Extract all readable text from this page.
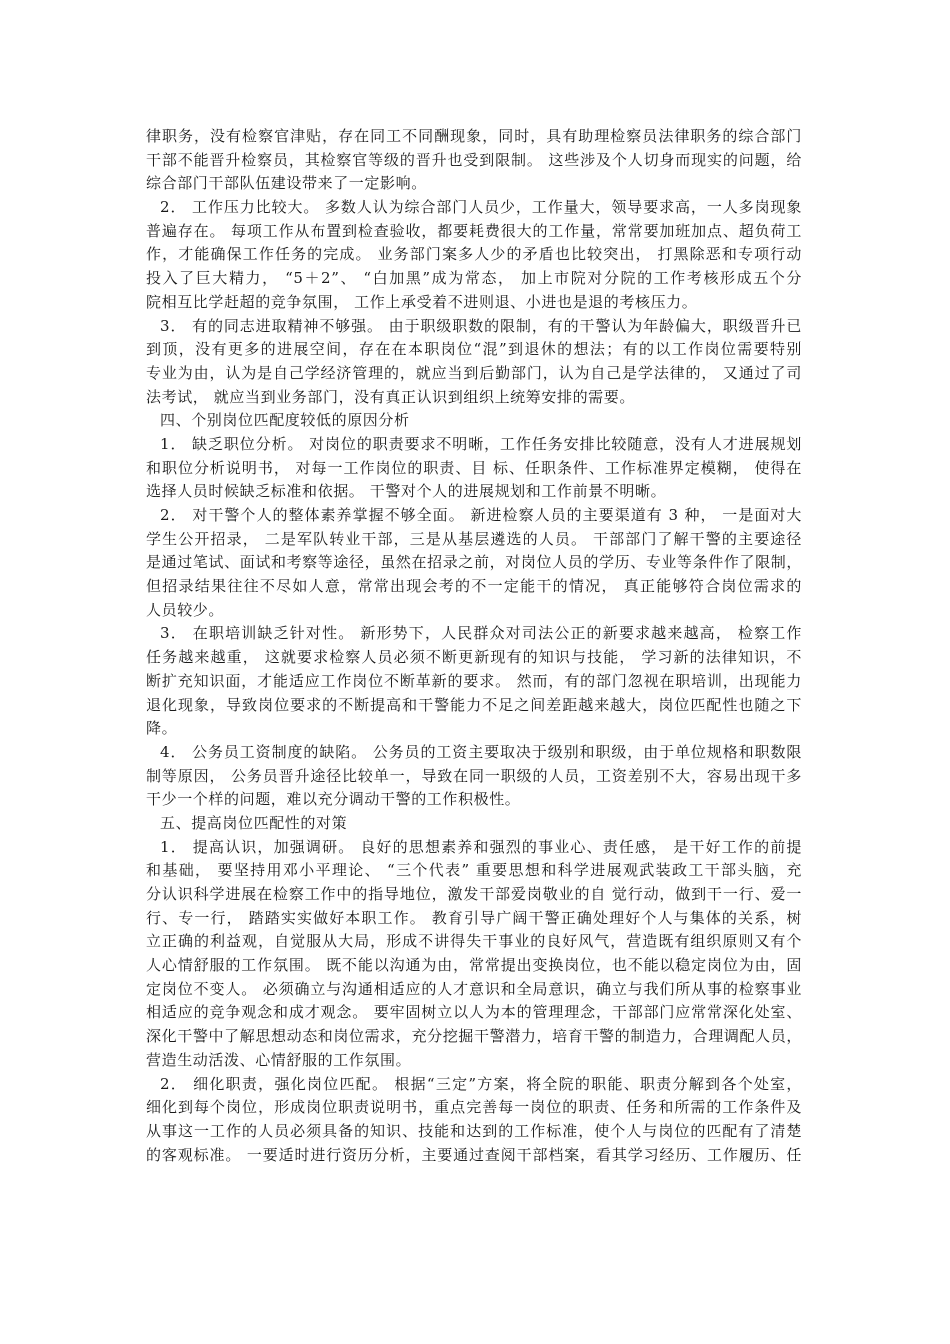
律职务，没有检察官津贴，存在同工不同酬现象，同时，具有助理检察员法律职务的综合部门
干部不能晋升检察员，其检察官等级的晋升也受到限制。 这些涉及个人切身而现实的问题，给
综合部门干部队伍建设带来了一定影响。
2． 工作压力比较大。 多数人认为综合部门人员少，工作量大，领导要求高，一人多岗现象
普遍存在。 每项工作从布置到检查验收，都要耗费很大的工作量，常常要加班加点、超负荷工
作，才能确保工作任务的完成。 业务部门案多人少的矛盾也比较突出， 打黑除恶和专项行动
投入了巨大精力， “5＋2”、 “白加黑”成为常态， 加上市院对分院的工作考核形成五个分
院相互比学赶超的竞争氛围， 工作上承受着不进则退、小进也是退的考核压力。
3． 有的同志进取精神不够强。 由于职级职数的限制，有的干警认为年龄偏大，职级晋升已
到顶，没有更多的进展空间，存在在本职岗位“混”到退休的想法；有的以工作岗位需要特别
专业为由，认为是自己学经济管理的，就应当到后勤部门，认为自己是学法律的， 又通过了司
法考试， 就应当到业务部门，没有真正认识到组织上统筹安排的需要。
四、个别岗位匹配度较低的原因分析
1． 缺乏职位分析。 对岗位的职责要求不明晰，工作任务安排比较随意，没有人才进展规划
和职位分析说明书， 对每一工作岗位的职责、目 标、任职条件、工作标准界定模糊， 使得在
选择人员时候缺乏标准和依据。 干警对个人的进展规划和工作前景不明晰。
2． 对干警个人的整体素养掌握不够全面。 新进检察人员的主要渠道有 3 种， 一是面对大
学生公开招录， 二是军队转业干部，三是从基层遴选的人员。 干部部门了解干警的主要途径
是通过笔试、面试和考察等途径，虽然在招录之前，对岗位人员的学历、专业等条件作了限制，
但招录结果往往不尽如人意，常常出现会考的不一定能干的情况， 真正能够符合岗位需求的
人员较少。
3． 在职培训缺乏针对性。 新形势下，人民群众对司法公正的新要求越来越高， 检察工作
任务越来越重， 这就要求检察人员必须不断更新现有的知识与技能， 学习新的法律知识，不
断扩充知识面，才能适应工作岗位不断革新的要求。 然而，有的部门忽视在职培训，出现能力
退化现象，导致岗位要求的不断提高和干警能力不足之间差距越来越大，岗位匹配性也随之下
降。
4． 公务员工资制度的缺陷。 公务员的工资主要取决于级别和职级，由于单位规格和职数限
制等原因， 公务员晋升途径比较单一，导致在同一职级的人员，工资差别不大，容易出现干多
干少一个样的问题，难以充分调动干警的工作积极性。
五、提高岗位匹配性的对策
1． 提高认识，加强调研。 良好的思想素养和强烈的事业心、责任感， 是干好工作的前提
和基础， 要坚持用邓小平理论、 “三个代表” 重要思想和科学进展观武装政工干部头脑，充
分认识科学进展在检察工作中的指导地位，激发干部爱岗敬业的自 觉行动，做到干一行、爱一
行、专一行， 踏踏实实做好本职工作。 教育引导广阔干警正确处理好个人与集体的关系，树
立正确的利益观，自觉服从大局，形成不讲得失干事业的良好风气，营造既有组织原则又有个
人心情舒服的工作氛围。 既不能以沟通为由，常常提出变换岗位，也不能以稳定岗位为由，固
定岗位不变人。 必须确立与沟通相适应的人才意识和全局意识，确立与我们所从事的检察事业
相适应的竞争观念和成才观念。 要牢固树立以人为本的管理理念，干部部门应常常深化处室、
深化干警中了解思想动态和岗位需求，充分挖掘干警潜力，培育干警的制造力，合理调配人员，
营造生动活泼、心情舒服的工作氛围。
2． 细化职责，强化岗位匹配。 根据“三定”方案，将全院的职能、职责分解到各个处室，
细化到每个岗位，形成岗位职责说明书，重点完善每一岗位的职责、任务和所需的工作条件及
从事这一工作的人员必须具备的知识、技能和达到的工作标准，使个人与岗位的匹配有了清楚
的客观标准。 一要适时进行资历分析，主要通过查阅干部档案，看其学习经历、工作履历、任
